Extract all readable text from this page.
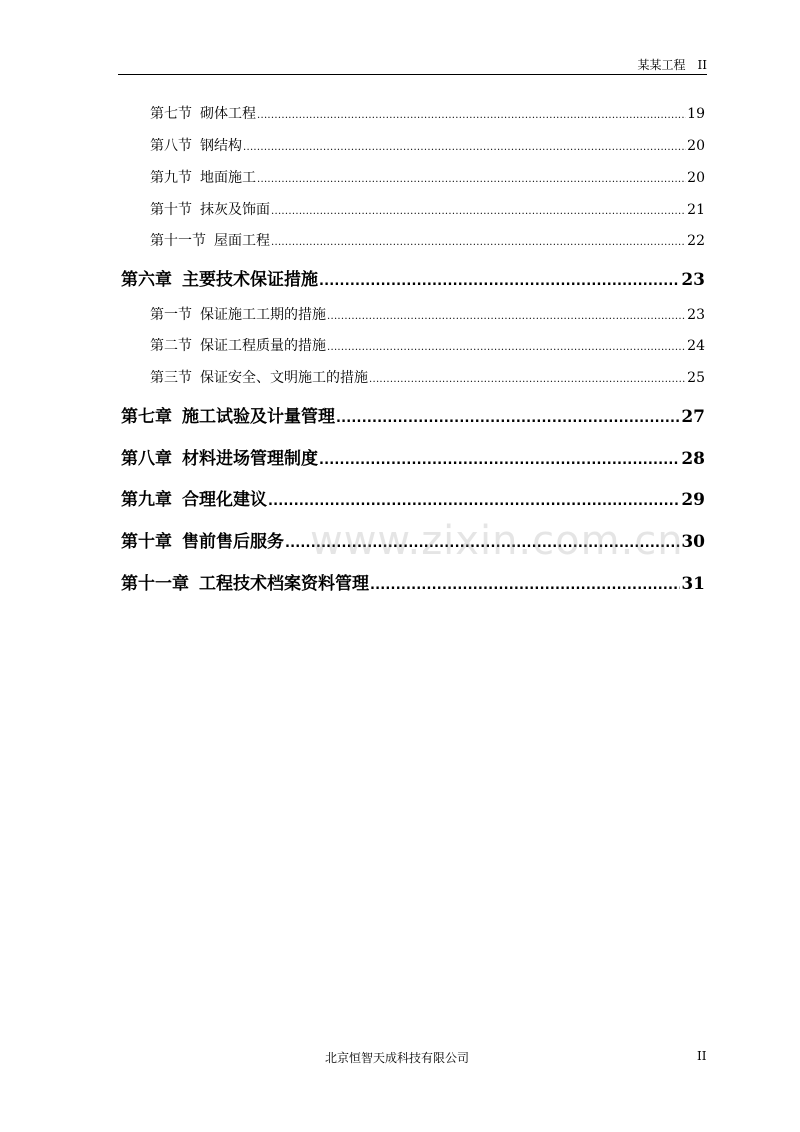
某某工程 II
第七节 砌体工程 .....	19
第八节 钢结构 .....	20
第九节 地面施工 .....	20
第十节 抹灰及饰面 .....	21
第十一节 屋面工程 .....	22
第六章 主要技术保证措施 .....	23
第一节 保证施工工期的措施 .....	23
第二节 保证工程质量的措施 .....	24
第三节 保证安全、文明施工的措施 .....	25
第七章 施工试验及计量管理 .....	27
第八章 材料进场管理制度 .....	28
第九章 合理化建议 .....	29
第十章 售前售后服务 .....	30
第十一章 工程技术档案资料管理 .....	31
www.zixin.com.cn
北京恒智天成科技有限公司	II
